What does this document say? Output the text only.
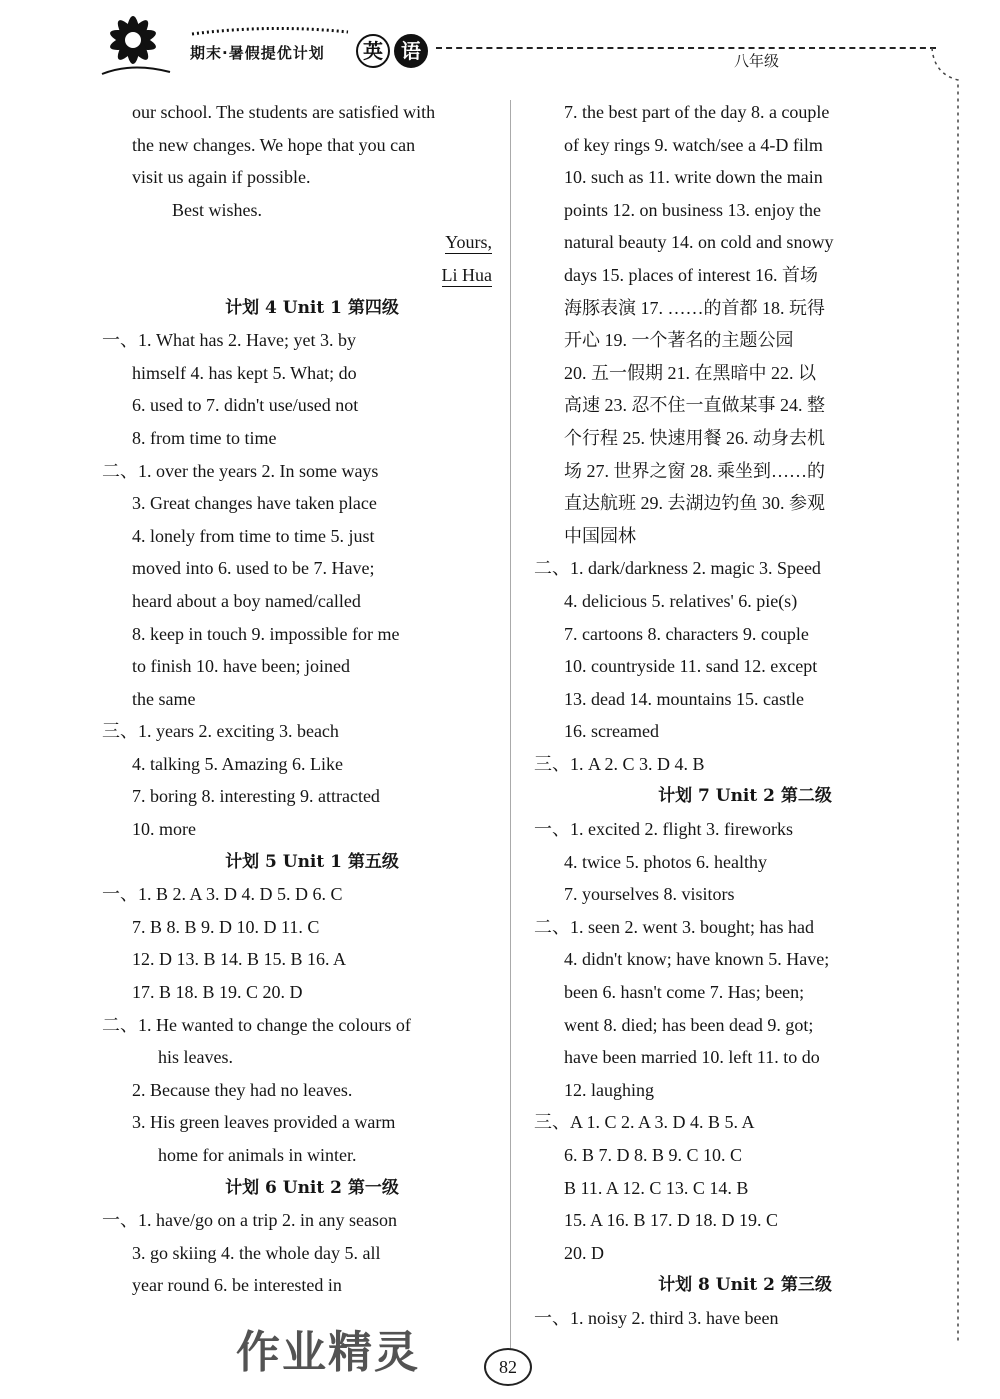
期末·暑假提优计划	英 语	八年级
our school. The students are satisfied with
the new changes. We hope that you can
visit us again if possible.
Best wishes.
Yours,
Li Hua
计划 4 Unit 1 第四级
一、1. What has 2. Have; yet 3. by
himself 4. has kept 5. What; do
6. used to 7. didn't use/used not
8. from time to time
二、1. over the years 2. In some ways
3. Great changes have taken place
4. lonely from time to time 5. just
moved into 6. used to be 7. Have;
heard about a boy named/called
8. keep in touch 9. impossible for me
to finish 10. have been; joined
the same
三、1. years 2. exciting 3. beach
4. talking 5. Amazing 6. Like
7. boring 8. interesting 9. attracted
10. more
计划 5 Unit 1 第五级
一、1. B 2. A 3. D 4. D 5. D 6. C
7. B 8. B 9. D 10. D 11. C
12. D 13. B 14. B 15. B 16. A
17. B 18. B 19. C 20. D
二、1. He wanted to change the colours of
his leaves.
2. Because they had no leaves.
3. His green leaves provided a warm
home for animals in winter.
计划 6 Unit 2 第一级
一、1. have/go on a trip 2. in any season
3. go skiing 4. the whole day 5. all
year round 6. be interested in
7. the best part of the day 8. a couple
of key rings 9. watch/see a 4-D film
10. such as 11. write down the main
points 12. on business 13. enjoy the
natural beauty 14. on cold and snowy
days 15. places of interest 16. 首场
海豚表演 17. ……的首都 18. 玩得
开心 19. 一个著名的主题公园
20. 五一假期 21. 在黑暗中 22. 以
高速 23. 忍不住一直做某事 24. 整
个行程 25. 快速用餐 26. 动身去机
场 27. 世界之窗 28. 乘坐到……的
直达航班 29. 去湖边钓鱼 30. 参观
中国园林
二、1. dark/darkness 2. magic 3. Speed
4. delicious 5. relatives' 6. pie(s)
7. cartoons 8. characters 9. couple
10. countryside 11. sand 12. except
13. dead 14. mountains 15. castle
16. screamed
三、1. A 2. C 3. D 4. B
计划 7 Unit 2 第二级
一、1. excited 2. flight 3. fireworks
4. twice 5. photos 6. healthy
7. yourselves 8. visitors
二、1. seen 2. went 3. bought; has had
4. didn't know; have known 5. Have;
been 6. hasn't come 7. Has; been;
went 8. died; has been dead 9. got;
have been married 10. left 11. to do
12. laughing
三、A 1. C 2. A 3. D 4. B 5. A
6. B 7. D 8. B 9. C 10. C
B 11. A 12. C 13. C 14. B
15. A 16. B 17. D 18. D 19. C
20. D
计划 8 Unit 2 第三级
一、1. noisy 2. third 3. have been
作业精灵	82
